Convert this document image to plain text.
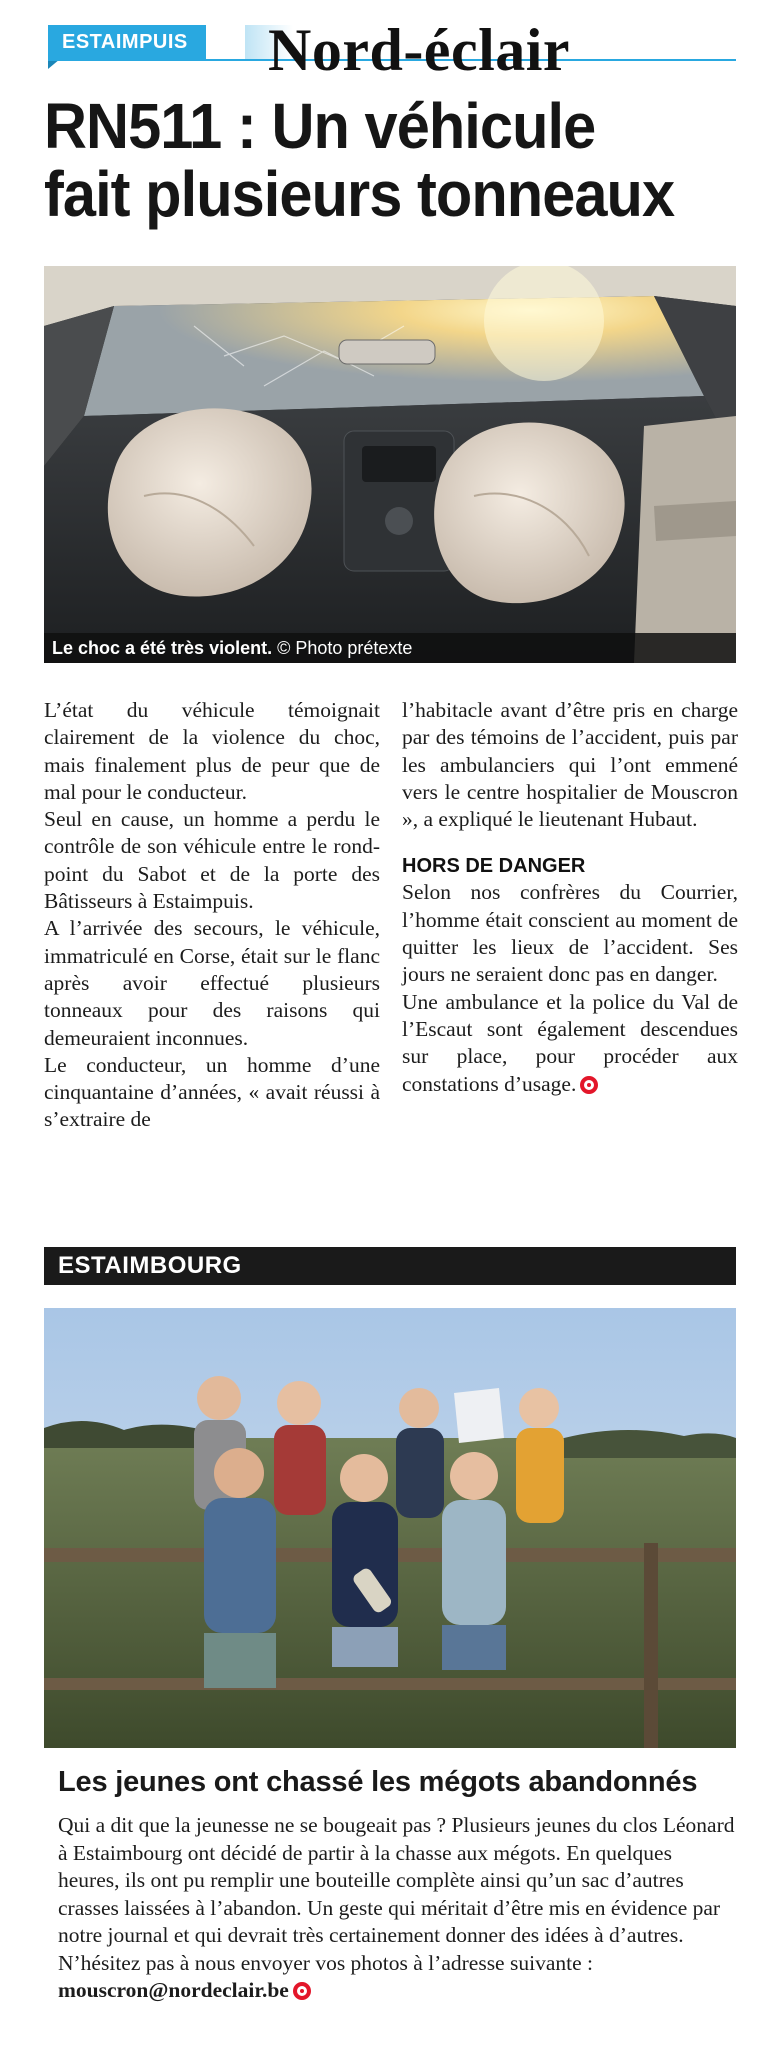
ESTAIMPUIS	Nord-éclair
RN511 : Un véhicule
fait plusieurs tonneaux
Le choc a été très violent. © Photo prétexte

L’état du véhicule témoignait clairement de la violence du choc, mais finalement plus de peur que de mal pour le conducteur.

Seul en cause, un homme a perdu le contrôle de son véhicule entre le rond-point du Sabot et de la porte des Bâtisseurs à Estaimpuis.

A l’arrivée des secours, le véhicule, immatriculé en Corse, était sur le flanc après avoir effectué plusieurs tonneaux pour des raisons qui demeuraient inconnues.

Le conducteur, un homme d’une cinquantaine d’années, « avait réussi à s’extraire de

l’habitacle avant d’être pris en charge par des témoins de l’accident, puis par les ambulanciers qui l’ont emmené vers le centre hospitalier de Mouscron », a expliqué le lieutenant Hubaut.

HORS DE DANGER

Selon nos confrères du Courrier, l’homme était conscient au moment de quitter les lieux de l’accident. Ses jours ne seraient donc pas en danger.

Une ambulance et la police du Val de l’Escaut sont également descendues sur place, pour procéder aux constations d’usage.

ESTAIMBOURG
Les jeunes ont chassé les mégots abandonnés
Qui a dit que la jeunesse ne se bougeait pas ? Plusieurs jeunes du clos Léonard à Estaimbourg ont décidé de partir à la chasse aux mégots. En quelques heures, ils ont pu remplir une bouteille complète ainsi qu’un sac d’autres crasses laissées à l’abandon. Un geste qui méritait d’être mis en évidence par notre journal et qui devrait très certainement donner des idées à d’autres. N’hésitez pas à nous envoyer vos photos à l’adresse suivante : mouscron@nordeclair.be
